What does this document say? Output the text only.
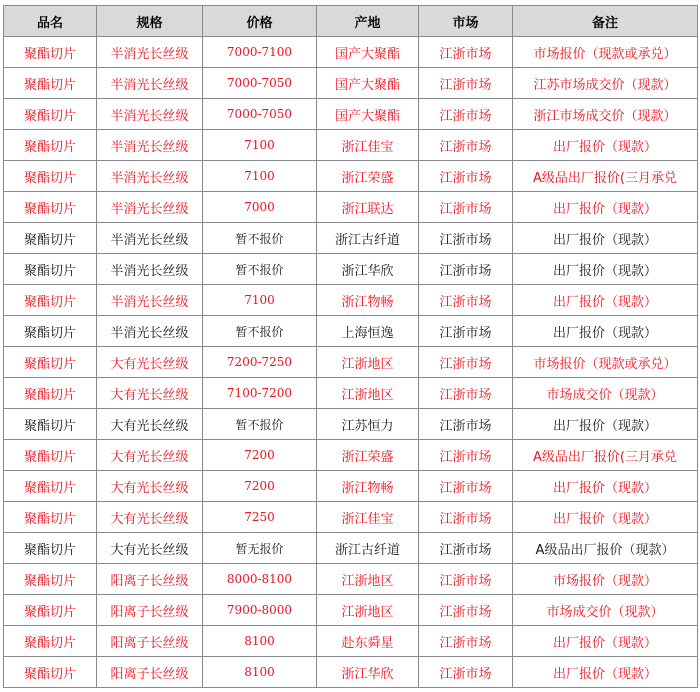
品名	规格	价格	产地	市场	备注
聚酯切片	半消光长丝级	7000-7100	国产大聚酯	江浙市场	市场报价（现款或承兑）
聚酯切片	半消光长丝级	7000-7050	国产大聚酯	江浙市场	江苏市场成交价（现款）
聚酯切片	半消光长丝级	7000-7050	国产大聚酯	江浙市场	浙江市场成交价（现款）
聚酯切片	半消光长丝级	7100	浙江佳宝	江浙市场	出厂报价（现款）
聚酯切片	半消光长丝级	7100	浙江荣盛	江浙市场	A级品出厂报价(三月承兑
聚酯切片	半消光长丝级	7000	浙江联达	江浙市场	出厂报价（现款）
聚酯切片	半消光长丝级	暂不报价	浙江古纤道	江浙市场	出厂报价（现款）
聚酯切片	半消光长丝级	暂不报价	浙江华欣	江浙市场	出厂报价（现款）
聚酯切片	半消光长丝级	7100	浙江物畅	江浙市场	出厂报价（现款）
聚酯切片	半消光长丝级	暂不报价	上海恒逸	江浙市场	出厂报价（现款）
聚酯切片	大有光长丝级	7200-7250	江浙地区	江浙市场	市场报价（现款或承兑）
聚酯切片	大有光长丝级	7100-7200	江浙地区	江浙市场	市场成交价（现款）
聚酯切片	大有光长丝级	暂不报价	江苏恒力	江浙市场	出厂报价（现款）
聚酯切片	大有光长丝级	7200	浙江荣盛	江浙市场	A级品出厂报价(三月承兑
聚酯切片	大有光长丝级	7200	浙江物畅	江浙市场	出厂报价（现款）
聚酯切片	大有光长丝级	7250	浙江佳宝	江浙市场	出厂报价（现款）
聚酯切片	大有光长丝级	暂无报价	浙江古纤道	江浙市场	A级品出厂报价（现款）
聚酯切片	阳离子长丝级	8000-8100	江浙地区	江浙市场	市场报价（现款）
聚酯切片	阳离子长丝级	7900-8000	江浙地区	江浙市场	市场成交价（现款）
聚酯切片	阳离子长丝级	8100	赴东舜星	江浙市场	出厂报价（现款）
聚酯切片	阳离子长丝级	8100	浙江华欣	江浙市场	出厂报价（现款）
